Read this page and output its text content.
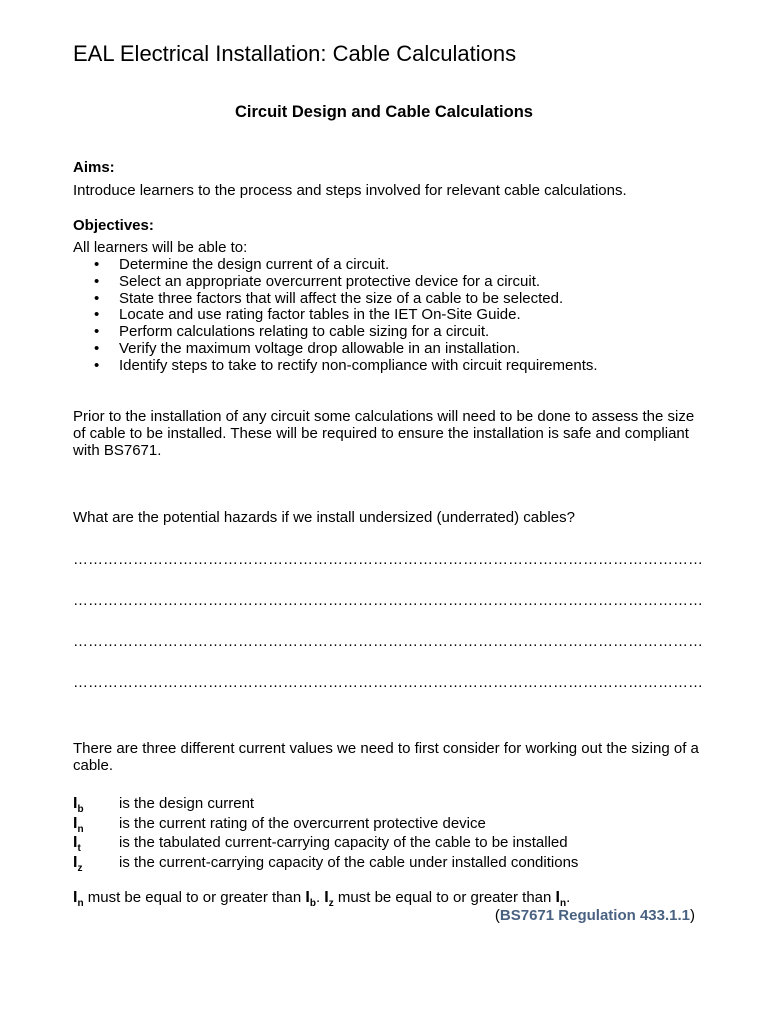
EAL Electrical Installation: Cable Calculations
Circuit Design and Cable Calculations
Aims:
Introduce learners to the process and steps involved for relevant cable calculations.
Objectives:
All learners will be able to:
• Determine the design current of a circuit.
• Select an appropriate overcurrent protective device for a circuit.
• State three factors that will affect the size of a cable to be selected.
• Locate and use rating factor tables in the IET On-Site Guide.
• Perform calculations relating to cable sizing for a circuit.
• Verify the maximum voltage drop allowable in an installation.
• Identify steps to take to rectify non-compliance with circuit requirements.
Prior to the installation of any circuit some calculations will need to be done to assess the size of cable to be installed. These will be required to ensure the installation is safe and compliant with BS7671.
What are the potential hazards if we install undersized (underrated) cables?
………………………………………………………………………………………………………………
………………………………………………………………………………………………………………
………………………………………………………………………………………………………………
………………………………………………………………………………………………………………
There are three different current values we need to first consider for working out the sizing of a cable.
$I_b$	is the design current
$I_n$	is the current rating of the overcurrent protective device
$I_t$	is the tabulated current-carrying capacity of the cable to be installed
$I_z$	is the current-carrying capacity of the cable under installed conditions
$I_n$ must be equal to or greater than $I_b$. $I_z$ must be equal to or greater than $I_n$.
(BS7671 Regulation 433.1.1)
